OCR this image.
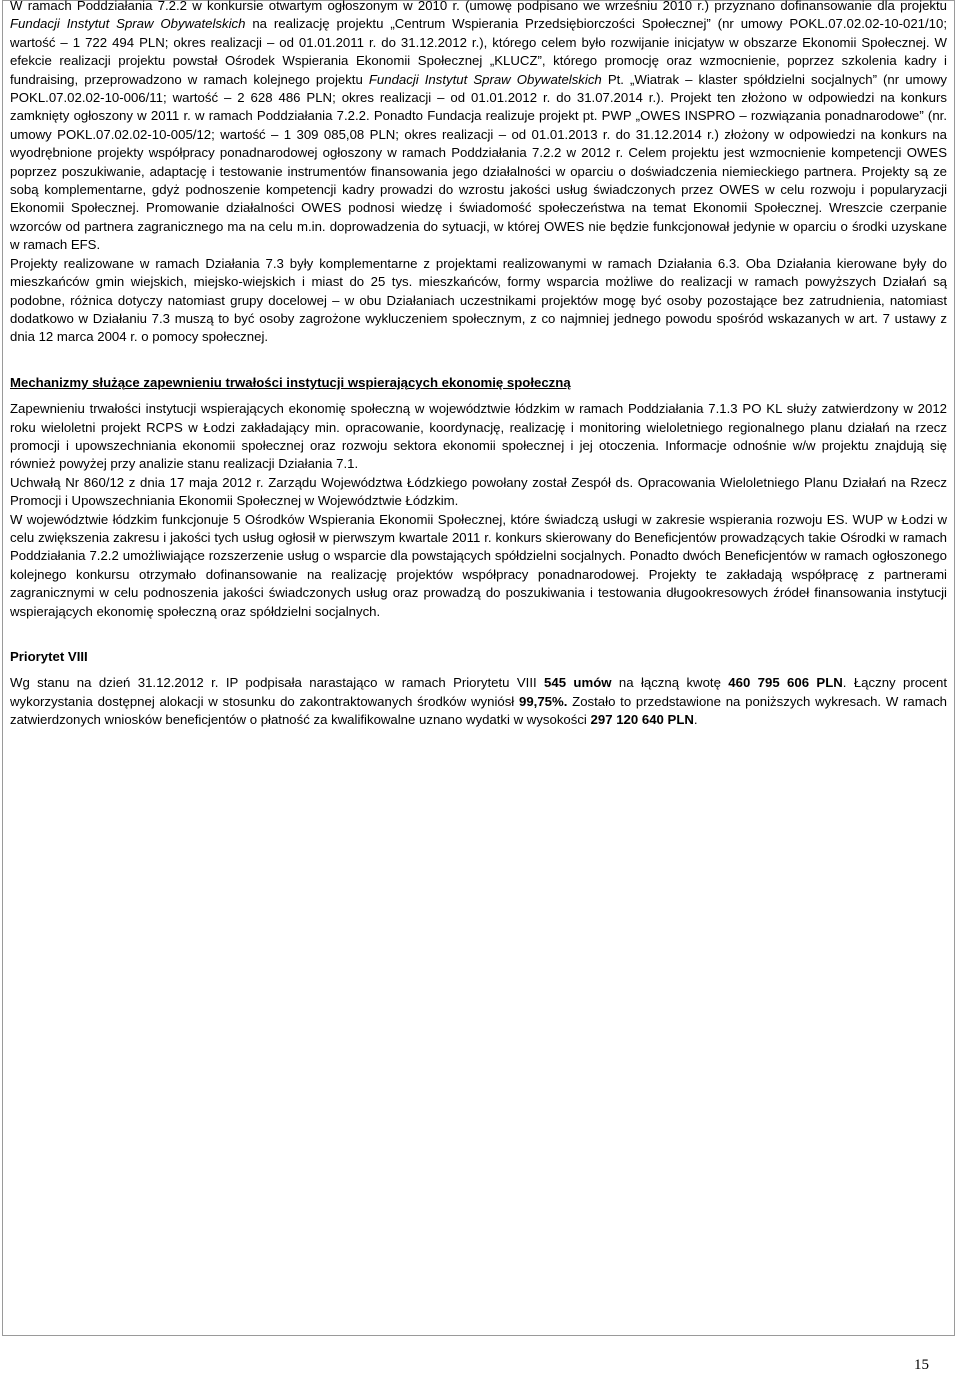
W ramach Poddziałania 7.2.2 w konkursie otwartym ogłoszonym w 2010 r. (umowę podpisano we wrześniu 2010 r.) przyznano dofinansowanie dla projektu Fundacji Instytut Spraw Obywatelskich na realizację projektu „Centrum Wspierania Przedsiębiorczości Społecznej” (nr umowy POKL.07.02.02-10-021/10; wartość – 1 722 494 PLN; okres realizacji – od 01.01.2011 r. do 31.12.2012 r.), którego celem było rozwijanie inicjatyw w obszarze Ekonomii Społecznej. W efekcie realizacji projektu powstał Ośrodek Wspierania Ekonomii Społecznej „KLUCZ”, którego promocję oraz wzmocnienie, poprzez szkolenia kadry i fundraising, przeprowadzono w ramach kolejnego projektu Fundacji Instytut Spraw Obywatelskich Pt. „Wiatrak – klaster spółdzielni socjalnych” (nr umowy POKL.07.02.02-10-006/11; wartość – 2 628 486 PLN; okres realizacji – od 01.01.2012 r. do 31.07.2014 r.). Projekt ten złożono w odpowiedzi na konkurs zamknięty ogłoszony w 2011 r. w ramach Poddziałania 7.2.2. Ponadto Fundacja realizuje projekt pt. PWP „OWES INSPRO – rozwiązania ponadnarodowe” (nr. umowy POKL.07.02.02-10-005/12; wartość – 1 309 085,08 PLN; okres realizacji – od 01.01.2013 r. do 31.12.2014 r.) złożony w odpowiedzi na konkurs na wyodrębnione projekty współpracy ponadnarodowej ogłoszony w ramach Poddziałania 7.2.2 w 2012 r. Celem projektu jest wzmocnienie kompetencji OWES poprzez poszukiwanie, adaptację i testowanie instrumentów finansowania jego działalności w oparciu o doświadczenia niemieckiego partnera. Projekty są ze sobą komplementarne, gdyż podnoszenie kompetencji kadry prowadzi do wzrostu jakości usług świadczonych przez OWES w celu rozwoju i popularyzacji Ekonomii Społecznej. Promowanie działalności OWES podnosi wiedzę i świadomość społeczeństwa na temat Ekonomii Społecznej. Wreszcie czerpanie wzorców od partnera zagranicznego ma na celu m.in. doprowadzenia do sytuacji, w której OWES nie będzie funkcjonował jedynie w oparciu o środki uzyskane w ramach EFS.

Projekty realizowane w ramach Działania 7.3 były komplementarne z projektami realizowanymi w ramach Działania 6.3. Oba Działania kierowane były do mieszkańców gmin wiejskich, miejsko-wiejskich i miast do 25 tys. mieszkańców, formy wsparcia możliwe do realizacji w ramach powyższych Działań są podobne, różnica dotyczy natomiast grupy docelowej – w obu Działaniach uczestnikami projektów mogę być osoby pozostające bez zatrudnienia, natomiast dodatkowo w Działaniu 7.3 muszą to być osoby zagrożone wykluczeniem społecznym, z co najmniej jednego powodu spośród wskazanych w art. 7 ustawy z dnia 12 marca 2004 r. o pomocy społecznej.

Mechanizmy służące zapewnieniu trwałości instytucji wspierających ekonomię społeczną

Zapewnieniu trwałości instytucji wspierających ekonomię społeczną w województwie łódzkim w ramach Poddziałania 7.1.3 PO KL służy zatwierdzony w 2012 roku wieloletni projekt RCPS w Łodzi zakładający min. opracowanie, koordynację, realizację i monitoring wieloletniego regionalnego planu działań na rzecz promocji i upowszechniania ekonomii społecznej oraz rozwoju sektora ekonomii społecznej i jej otoczenia. Informacje odnośnie w/w projektu znajdują się również powyżej przy analizie stanu realizacji Działania 7.1.

Uchwałą Nr 860/12 z dnia 17 maja 2012 r. Zarządu Województwa Łódzkiego powołany został Zespół ds. Opracowania Wieloletniego Planu Działań na Rzecz Promocji i Upowszechniania Ekonomii Społecznej w Województwie Łódzkim.

W województwie łódzkim funkcjonuje 5 Ośrodków Wspierania Ekonomii Społecznej, które świadczą usługi w zakresie wspierania rozwoju ES. WUP w Łodzi w celu zwiększenia zakresu i jakości tych usług ogłosił w pierwszym kwartale 2011 r. konkurs skierowany do Beneficjentów prowadzących takie Ośrodki w ramach Poddziałania 7.2.2 umożliwiające rozszerzenie usług o wsparcie dla powstających spółdzielni socjalnych. Ponadto dwóch Beneficjentów w ramach ogłoszonego kolejnego konkursu otrzymało dofinansowanie na realizację projektów współpracy ponadnarodowej. Projekty te zakładają współpracę z partnerami zagranicznymi w celu podnoszenia jakości świadczonych usług oraz prowadzą do poszukiwania i testowania długookresowych źródeł finansowania instytucji wspierających ekonomię społeczną oraz spółdzielni socjalnych.

Priorytet VIII

Wg stanu na dzień 31.12.2012 r. IP podpisała narastająco w ramach Priorytetu VIII 545 umów na łączną kwotę 460 795 606 PLN. Łączny procent wykorzystania dostępnej alokacji w stosunku do zakontraktowanych środków wyniósł 99,75%. Zostało to przedstawione na poniższych wykresach. W ramach zatwierdzonych wniosków beneficjentów o płatność za kwalifikowalne uznano wydatki w wysokości 297 120 640 PLN.

15
